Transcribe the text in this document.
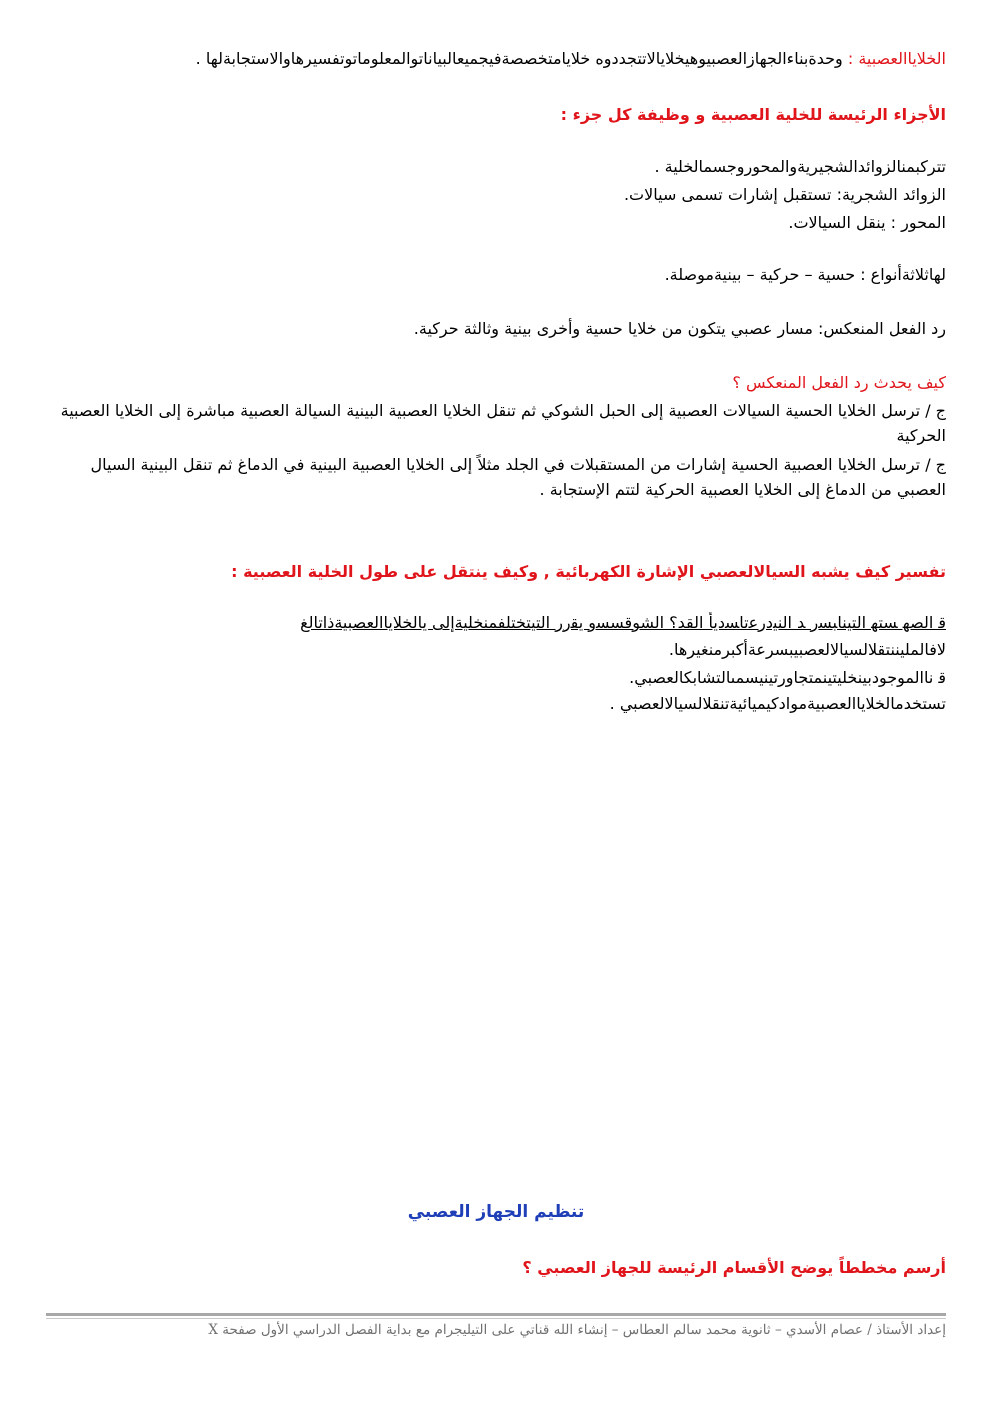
الخلاياالعصبية : وحدةبناءالجهازالعصبيوهيخلايالاتتجددوه خلايامتخصصةفيجميعالبياناتوالمعلوماتوتفسيرهاوالاستجابةلها .
الأجزاء الرئيسة للخلية العصبية و وظيفة كل جزء :
تتركبمنالزوائدالشجيريةوالمحوروجسمالخلية .
الزوائد الشجرية: تستقبل إشارات تسمى سيالات.
المحور : ينقل السيالات.
لهاثلاثةأنواع : حسية – حركية – بينيةموصلة.
رد الفعل المنعكس: مسار عصبي يتكون من خلايا حسية وأخرى بينية وثالثة حركية.
كيف يحدث رد الفعل المنعكس ؟
ج / ترسل الخلايا الحسية السيالات العصبية إلى الحبل الشوكي ثم تنقل الخلايا العصبية البينية السيالة العصبية مباشرة إلى الخلايا العصبية الحركية
ج / ترسل الخلايا العصبية الحسية إشارات من المستقبلات في الجلد مثلاً إلى الخلايا العصبية البينية في الدماغ ثم تنقل البينية السيال العصبي من الدماغ إلى الخلايا العصبية الحركية لتتم الإستجابة .
تفسير كيف يشبه السيالالعصبي الإشارة الكهربائية , وكيف ينتقل على طول الخلية العصبية :
ﻗ ﺍﻟﺼﻬ ﺴﺘﻬ ﺍﻟﺘﻴﻨﺎﺒﺴﺭ ﺪ ﺍﻟﻨﻴﺩﺭﻋﺗﺎﺴﺩﻳﺄ ﺍﻟﻘﺪ؟ ﺍﻟﺸﻮﻗﺴﺴﻭ ﻳﻘﺭﺭ التيتختلفمنخليةإلى يالخلاياالعصبيةذاتالغ
لافالمليننتقلالسيالالعصبيبسرعةأكبرمنغيرها.
ﻗ ﻧﺎﺍلموجودبينخليتينمتجاورتينيسمىالتشابكالعصبي.
تستخدمالخلاياالعصبيةموادكيميائيةتنقلالسيالالعصبي .
تنظيم الجهاز العصبي
أرسم مخططاً يوضح الأقسام الرئيسة للجهاز العصبي ؟
إعداد الأستاذ / عصام الأسدي – ثانوية محمد سالم العطاس – إنشاء الله قناتي على التيليجرام مع بداية الفصل الدراسي الأول صفحة X
